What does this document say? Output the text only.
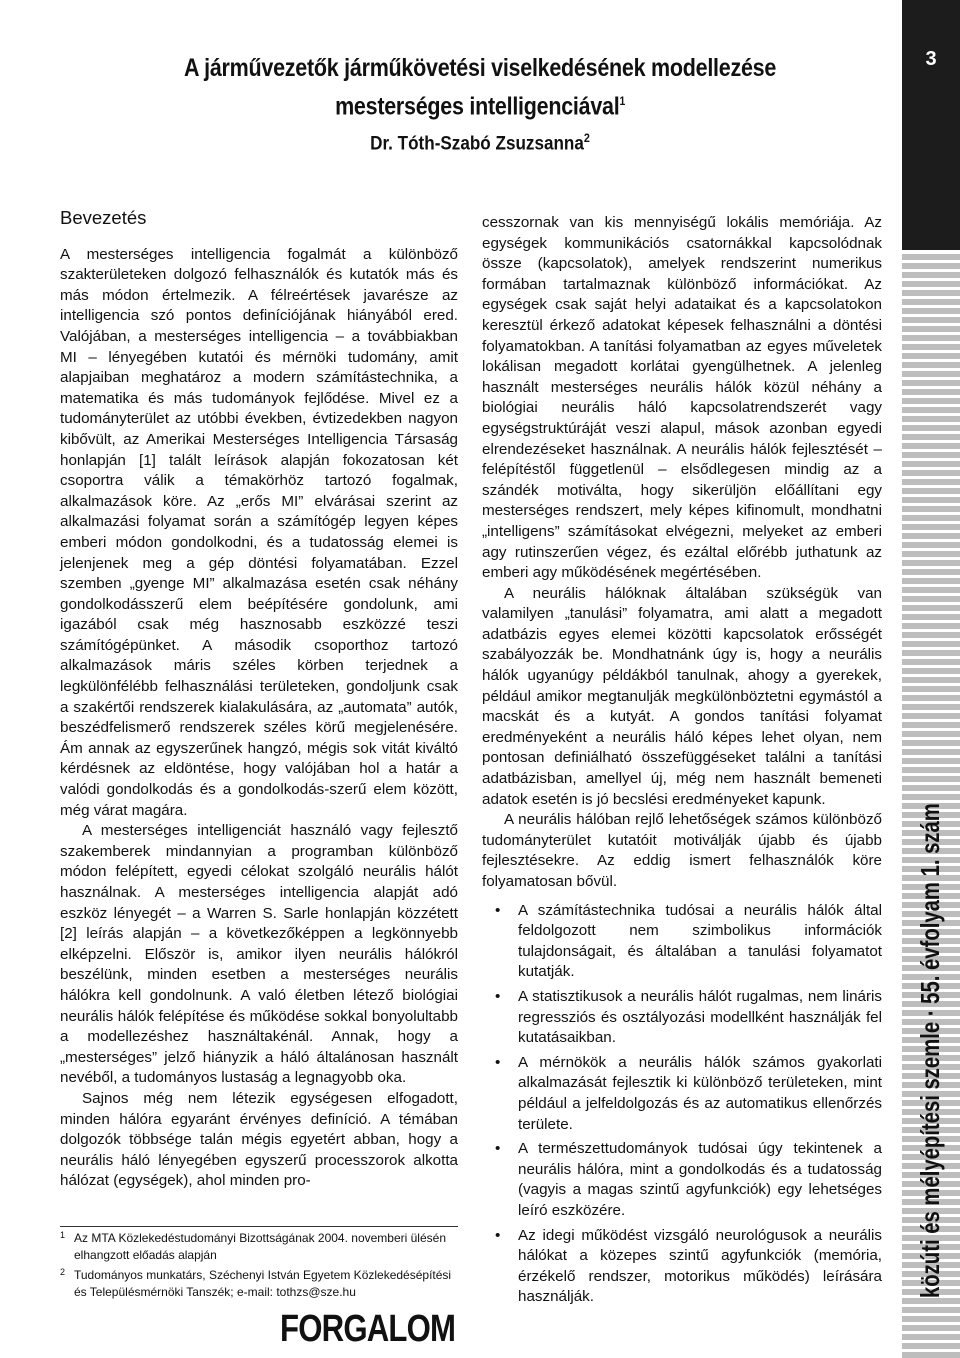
3
közúti és mélyépítési szemle · 55. évfolyam 1. szám
A járművezetők járműkövetési viselkedésének modellezése mesterséges intelligenciával$^1$
Dr. Tóth-Szabó Zsuzsanna$^2$
Bevezetés

A mesterséges intelligencia fogalmát a különböző szakterületeken dolgozó felhasználók és kutatók más és más módon értelmezik. A félreértések javarésze az intelligencia szó pontos definíciójának hiányából ered. Valójában, a mesterséges intelligencia – a továbbiakban MI – lényegében kutatói és mérnöki tudomány, amit alapjaiban meghatároz a modern számítástechnika, a matematika és más tudományok fejlődése. Mivel ez a tudományterület az utóbbi években, évtizedekben nagyon kibővült, az Amerikai Mesterséges Intelligencia Társaság honlapján [1] talált leírások alapján fokozatosan két csoportra válik a témakörhöz tartozó fogalmak, alkalmazások köre. Az „erős MI” elvárásai szerint az alkalmazási folyamat során a számítógép legyen képes emberi módon gondolkodni, és a tudatosság elemei is jelenjenek meg a gép döntési folyamatában. Ezzel szemben „gyenge MI” alkalmazása esetén csak néhány gondolkodásszerű elem beépítésére gondolunk, ami igazából csak még hasznosabb eszközzé teszi számítógépünket. A második csoporthoz tartozó alkalmazások máris széles körben terjednek a legkülönfélébb felhasználási területeken, gondoljunk csak a szakértői rendszerek kialakulására, az „automata” autók, beszédfelismerő rendszerek széles körű megjelenésére. Ám annak az egyszerűnek hangzó, mégis sok vitát kiváltó kérdésnek az eldöntése, hogy valójában hol a határ a valódi gondolkodás és a gondolkodás-szerű elem között, még várat magára.

A mesterséges intelligenciát használó vagy fejlesztő szakemberek mindannyian a programban különböző módon felépített, egyedi célokat szolgáló neurális hálót használnak. A mesterséges intelligencia alapját adó eszköz lényegét – a Warren S. Sarle honlapján közzétett [2] leírás alapján – a következőképpen a legkönnyebb elképzelni. Először is, amikor ilyen neurális hálókról beszélünk, minden esetben a mesterséges neurális hálókra kell gondolnunk. A való életben létező biológiai neurális hálók felépítése és működése sokkal bonyolultabb a modellezéshez használtakénál. Annak, hogy a „mesterséges” jelző hiányzik a háló általánosan használt nevéből, a tudományos lustaság a legnagyobb oka.

Sajnos még nem létezik egységesen elfogadott, minden hálóra egyaránt érvényes definíció. A témában dolgozók többsége talán mégis egyetért abban, hogy a neurális háló lényegében egyszerű processzorok alkotta hálózat (egységek), ahol minden pro-

cesszornak van kis mennyiségű lokális memóriája. Az egységek kommunikációs csatornákkal kapcsolódnak össze (kapcsolatok), amelyek rendszerint numerikus formában tartalmaznak különböző információkat. Az egységek csak saját helyi adataikat és a kapcsolatokon keresztül érkező adatokat képesek felhasználni a döntési folyamatokban. A tanítási folyamatban az egyes műveletek lokálisan megadott korlátai gyengülhetnek. A jelenleg használt mesterséges neurális hálók közül néhány a biológiai neurális háló kapcsolatrendszerét vagy egységstruktúráját veszi alapul, mások azonban egyedi elrendezéseket használnak. A neurális hálók fejlesztését – felépítéstől függetlenül – elsődlegesen mindig az a szándék motiválta, hogy sikerüljön előállítani egy mesterséges rendszert, mely képes kifinomult, mondhatni „intelligens” számításokat elvégezni, melyeket az emberi agy rutinszerűen végez, és ezáltal előrébb juthatunk az emberi agy működésének megértésében.

A neurális hálóknak általában szükségük van valamilyen „tanulási” folyamatra, ami alatt a megadott adatbázis egyes elemei közötti kapcsolatok erősségét szabályozzák be. Mondhatnánk úgy is, hogy a neurális hálók ugyanúgy példákból tanulnak, ahogy a gyerekek, például amikor megtanulják megkülönböztetni egymástól a macskát és a kutyát. A gondos tanítási folyamat eredményeként a neurális háló képes lehet olyan, nem pontosan definiálható összefüggéseket találni a tanítási adatbázisban, amellyel új, még nem használt bemeneti adatok esetén is jó becslési eredményeket kapunk.

A neurális hálóban rejlő lehetőségek számos különböző tudományterület kutatóit motiválják újabb és újabb fejlesztésekre. Az eddig ismert felhasználók köre folyamatosan bővül.

• A számítástechnika tudósai a neurális hálók által feldolgozott nem szimbolikus információk tulajdonságait, és általában a tanulási folyamatot kutatják.
• A statisztikusok a neurális hálót rugalmas, nem lináris regressziós és osztályozási modellként használják fel kutatásaikban.
• A mérnökök a neurális hálók számos gyakorlati alkalmazását fejlesztik ki különböző területeken, mint például a jelfeldolgozás és az automatikus ellenőrzés területe.
• A természettudományok tudósai úgy tekintenek a neurális hálóra, mint a gondolkodás és a tudatosság (vagyis a magas szintű agyfunkciók) egy lehetséges leíró eszközére.
• Az idegi működést vizsgáló neurológusok a neurális hálókat a közepes szintű agyfunkciók (memória, érzékelő rendszer, motorikus működés) leírására használják.
1 Az MTA Közlekedéstudományi Bizottságának 2004. novemberi ülésén elhangzott előadás alapján
2 Tudományos munkatárs, Széchenyi István Egyetem Közlekedésépítési és Településmérnöki Tanszék; e-mail: tothzs@sze.hu
FORGALOM
